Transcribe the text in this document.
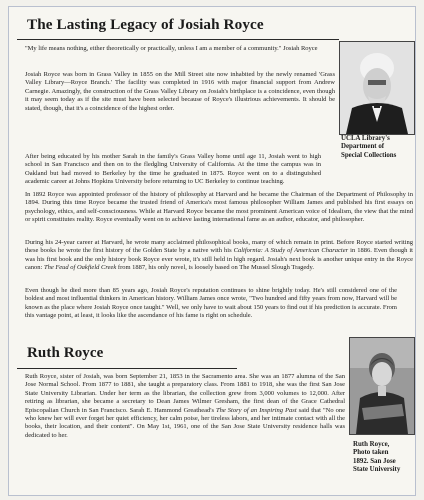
The Lasting Legacy of Josiah Royce

"My life means nothing, either theoretically or practically, unless I am a member of a community." Josiah Royce

Josiah Royce was born in Grass Valley in 1855 on the Mill Street site now inhabited by the newly renamed 'Grass Valley Library—Royce Branch.' The facility was completed in 1916 with major financial support from Andrew Carnegie. Amazingly, the construction of the Grass Valley Library on Josiah's birthplace is a coincidence, even though it may seem today as if the site must have been selected because of Royce's illustrious achievements. It should be stated, though, that it's a coincidence of the highest order.

After being educated by his mother Sarah in the family's Grass Valley home until age 11, Josiah went to high school in San Francisco and then on to the fledgling University of California. At the time the campus was in Oakland but had moved to Berkeley by the time he graduated in 1875. Royce went on to a distinguished academic career at Johns Hopkins University before returning to UC Berkeley to continue teaching.

UCLA Library's
Department of
Special Collections

In 1892 Royce was appointed professor of the history of philosophy at Harvard and he became the Chairman of the Department of Philosophy in 1894. During this time Royce became the trusted friend of America's most famous philosopher William James and published his first essays on psychology, ethics, and self-consciousness. While at Harvard Royce became the most prominent American voice of Idealism, the view that the mind or spirit constitutes reality. Royce eventually went on to achieve lasting international fame as an author, educator, and philosopher.

During his 24-year career at Harvard, he wrote many acclaimed philosophical books, many of which remain in print. Before Royce started writing these books he wrote the first history of the Golden State by a native with his California: A Study of American Character in 1886. Even though it was his first book and the only history book Royce ever wrote, it's still held in high regard. Josiah's next book is another unique entry in the Royce canon: The Feud of Oakfield Creek from 1887, his only novel, is loosely based on The Mussel Slough Tragedy.

Even though he died more than 85 years ago, Josiah Royce's reputation continues to shine brightly today. He's still considered one of the boldest and most influential thinkers in American history. William James once wrote, "Two hundred and fifty years from now, Harvard will be known as the place where Josiah Royce once taught." Well, we only have to wait about 150 years to find out if his prediction is accurate. From this vantage point, at least, it looks like the ascendance of his fame is right on schedule.

Ruth Royce

Ruth Royce, sister of Josiah, was born September 21, 1853 in the Sacramento area. She was an 1877 alumna of the San Jose Normal School. From 1877 to 1881, she taught a preparatory class. From 1881 to 1918, she was the first San Jose State University Librarian. Under her term as the librarian, the collection grew from 3,000 volumes to 12,000. After retiring as librarian, she became a secretary to Dean James Wilmer Gresham, the first dean of the Grace Cathedral Episcopalian Church in San Francisco. Sarah E. Hammond Greathead's The Story of an Inspiring Past said that "No one who knew her will ever forget her quiet efficiency, her calm poise, her tireless labors, and her intimate contact with all the books, their location, and their content". On May 1st, 1961, one of the San Jose State University residence halls was dedicated to her.

Ruth Royce,
Photo taken
1892. San Jose
State University
